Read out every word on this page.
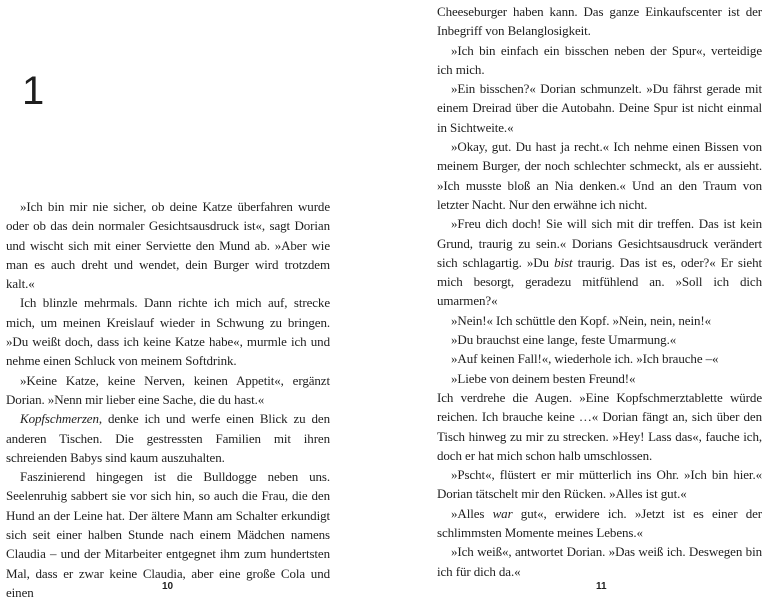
1

»Ich bin mir nie sicher, ob deine Katze überfahren wurde oder ob das dein normaler Gesichtsausdruck ist«, sagt Dorian und wischt sich mit einer Serviette den Mund ab. »Aber wie man es auch dreht und wendet, dein Burger wird trotzdem kalt.«

Ich blinzle mehrmals. Dann richte ich mich auf, strecke mich, um meinen Kreislauf wieder in Schwung zu bringen. »Du weißt doch, dass ich keine Katze habe«, murmle ich und nehme einen Schluck von meinem Softdrink.

»Keine Katze, keine Nerven, keinen Appetit«, ergänzt Dorian. »Nenn mir lieber eine Sache, die du hast.«

Kopfschmerzen, denke ich und werfe einen Blick zu den anderen Tischen. Die gestressten Familien mit ihren schreienden Babys sind kaum auszuhalten.

Faszinierend hingegen ist die Bulldogge neben uns. Seelenruhig sabbert sie vor sich hin, so auch die Frau, die den Hund an der Leine hat. Der ältere Mann am Schalter erkundigt sich seit einer halben Stunde nach einem Mädchen namens Claudia – und der Mitarbeiter entgegnet ihm zum hundertsten Mal, dass er zwar keine Claudia, aber eine große Cola und einen	10

Cheeseburger haben kann. Das ganze Einkaufscenter ist der Inbegriff von Belanglosigkeit.

»Ich bin einfach ein bisschen neben der Spur«, verteidige ich mich.

»Ein bisschen?« Dorian schmunzelt. »Du fährst gerade mit einem Dreirad über die Autobahn. Deine Spur ist nicht einmal in Sichtweite.«

»Okay, gut. Du hast ja recht.« Ich nehme einen Bissen von meinem Burger, der noch schlechter schmeckt, als er aussieht. »Ich musste bloß an Nia denken.« Und an den Traum von letzter Nacht. Nur den erwähne ich nicht.

»Freu dich doch! Sie will sich mit dir treffen. Das ist kein Grund, traurig zu sein.« Dorians Gesichtsausdruck verändert sich schlagartig. »Du bist traurig. Das ist es, oder?« Er sieht mich besorgt, geradezu mitfühlend an. »Soll ich dich umarmen?«

»Nein!« Ich schüttle den Kopf. »Nein, nein, nein!«

»Du brauchst eine lange, feste Umarmung.«

»Auf keinen Fall!«, wiederhole ich. »Ich brauche –«

»Liebe von deinem besten Freund!«

Ich verdrehe die Augen. »Eine Kopfschmerztablette würde reichen. Ich brauche keine …« Dorian fängt an, sich über den Tisch hinweg zu mir zu strecken. »Hey! Lass das«, fauche ich, doch er hat mich schon halb umschlossen.

»Pscht«, flüstert er mir mütterlich ins Ohr. »Ich bin hier.« Dorian tätschelt mir den Rücken. »Alles ist gut.«

»Alles war gut«, erwidere ich. »Jetzt ist es einer der schlimmsten Momente meines Lebens.«

»Ich weiß«, antwortet Dorian. »Das weiß ich. Deswegen bin ich für dich da.«

11
